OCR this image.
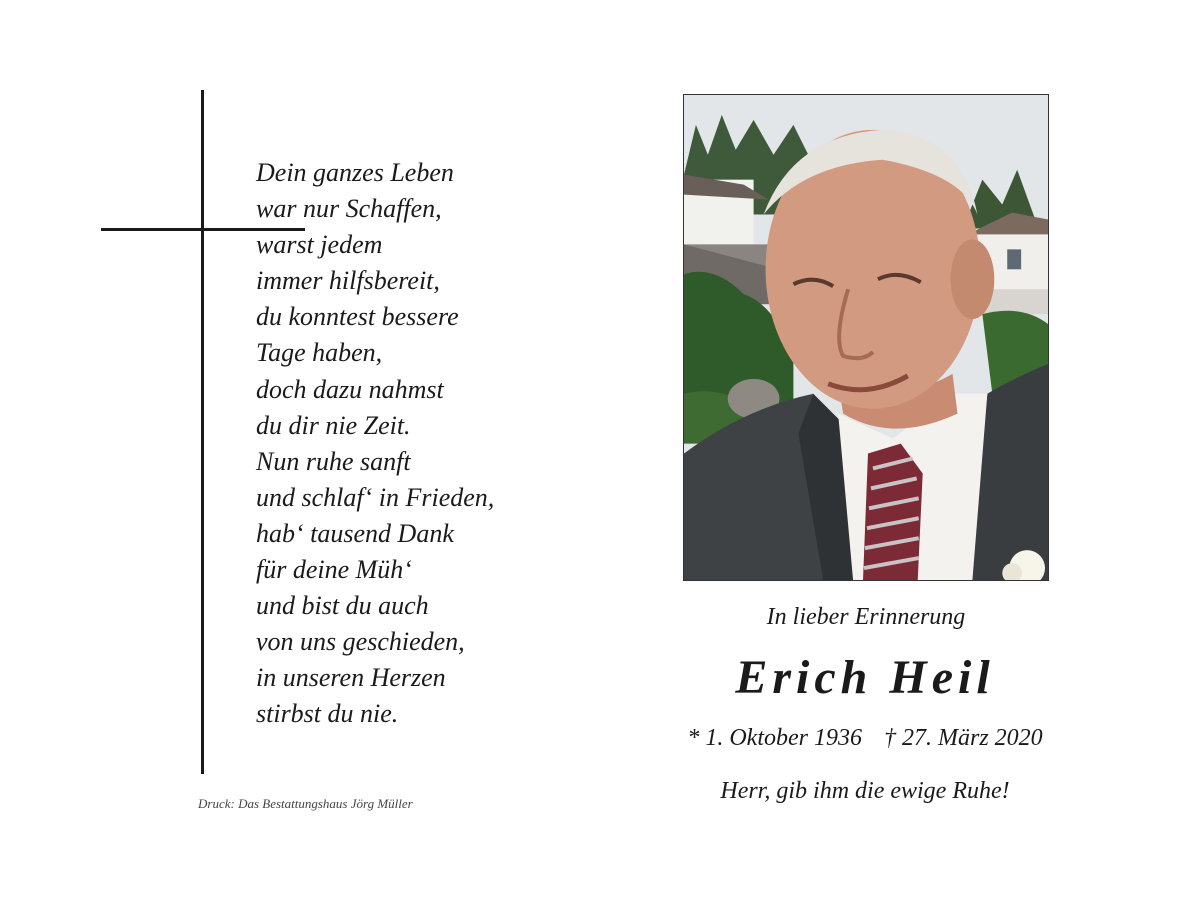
Dein ganzes Leben
war nur Schaffen,
warst jedem
immer hilfsbereit,
du konntest bessere
Tage haben,
doch dazu nahmst
du dir nie Zeit.
Nun ruhe sanft
und schlaf‘ in Frieden,
hab‘ tausend Dank
für deine Müh‘
und bist du auch
von uns geschieden,
in unseren Herzen
stirbst du nie.
Druck: Das Bestattungshaus Jörg Müller
In lieber Erinnerung
Erich Heil
* 1. Oktober 1936 † 27. März 2020
Herr, gib ihm die ewige Ruhe!
